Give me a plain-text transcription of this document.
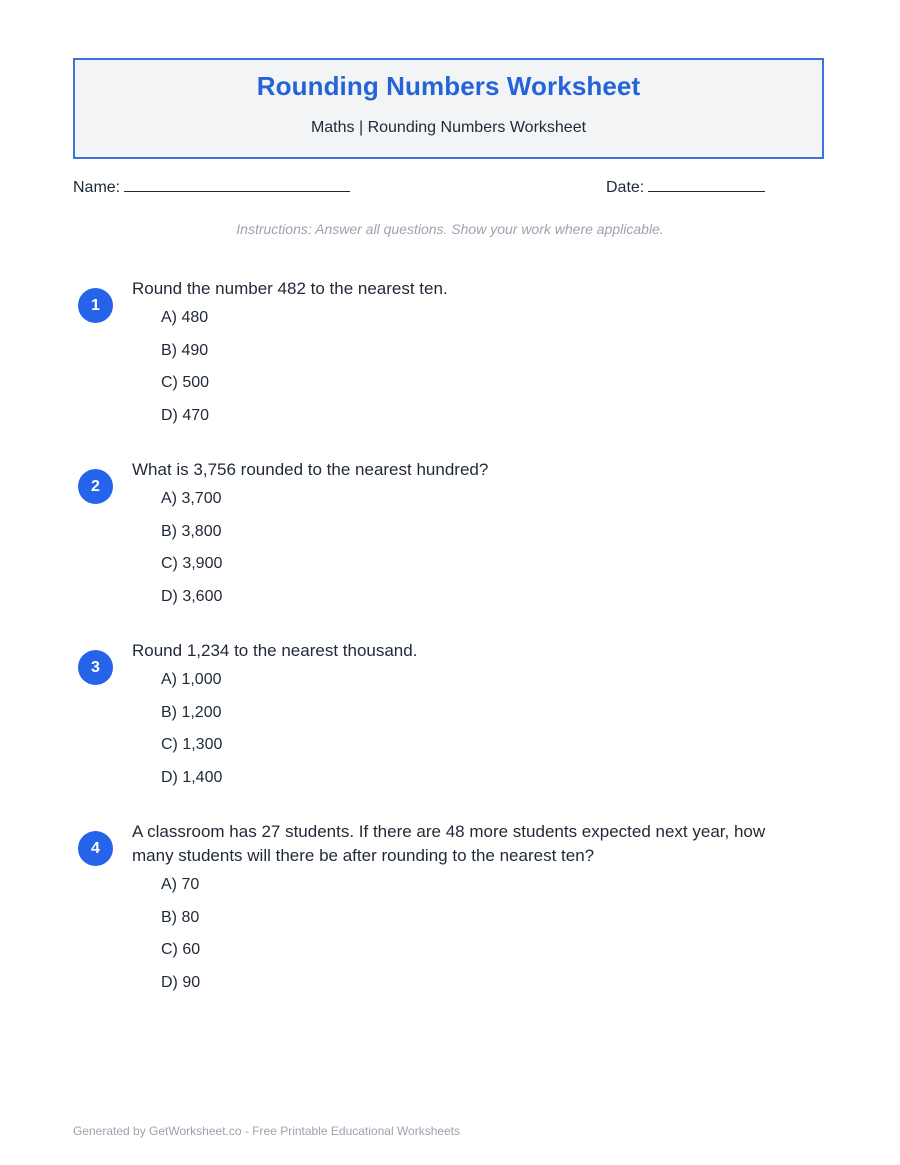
Rounding Numbers Worksheet
Maths | Rounding Numbers Worksheet
Name:	Date:
Instructions: Answer all questions. Show your work where applicable.
1
Round the number 482 to the nearest ten.
A) 480
B) 490
C) 500
D) 470
2
What is 3,756 rounded to the nearest hundred?
A) 3,700
B) 3,800
C) 3,900
D) 3,600
3
Round 1,234 to the nearest thousand.
A) 1,000
B) 1,200
C) 1,300
D) 1,400
4
A classroom has 27 students. If there are 48 more students expected next year, how many students will there be after rounding to the nearest ten?
A) 70
B) 80
C) 60
D) 90
Generated by GetWorksheet.co - Free Printable Educational Worksheets
